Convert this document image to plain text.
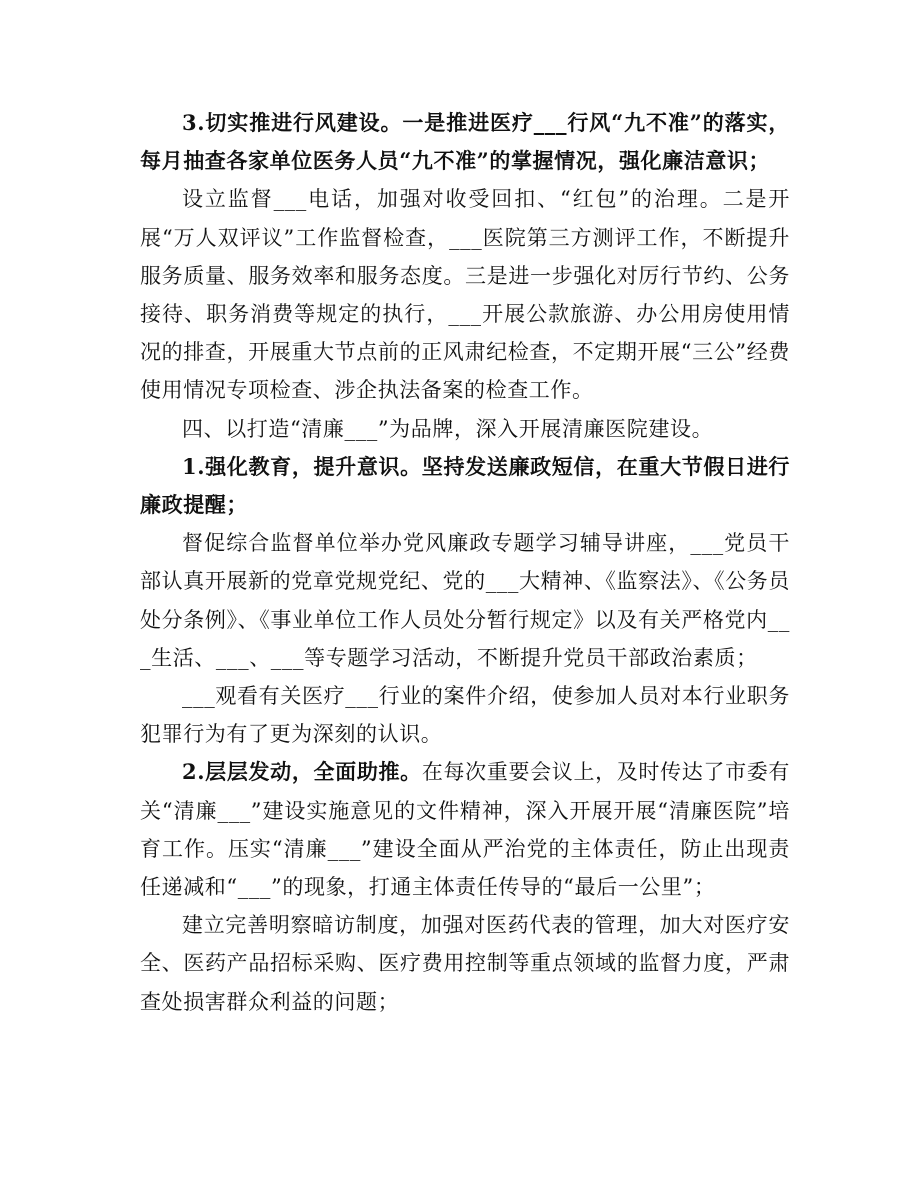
3.切实推进行风建设。一是推进医疗___行风“九不准”的落实，每月抽查各家单位医务人员“九不准”的掌握情况，强化廉洁意识；

设立监督___电话，加强对收受回扣、“红包”的治理。二是开展“万人双评议”工作监督检查，___医院第三方测评工作，不断提升服务质量、服务效率和服务态度。三是进一步强化对厉行节约、公务接待、职务消费等规定的执行，___开展公款旅游、办公用房使用情况的排查，开展重大节点前的正风肃纪检查，不定期开展“三公”经费使用情况专项检查、涉企执法备案的检查工作。

四、以打造“清廉___”为品牌，深入开展清廉医院建设。

1.强化教育，提升意识。坚持发送廉政短信，在重大节假日进行廉政提醒；

督促综合监督单位举办党风廉政专题学习辅导讲座，___党员干部认真开展新的党章党规党纪、党的___大精神、《监察法》、《公务员处分条例》、《事业单位工作人员处分暂行规定》以及有关严格党内___生活、___、___等专题学习活动，不断提升党员干部政治素质；

___观看有关医疗___行业的案件介绍，使参加人员对本行业职务犯罪行为有了更为深刻的认识。

2.层层发动，全面助推。在每次重要会议上，及时传达了市委有关“清廉___”建设实施意见的文件精神，深入开展开展“清廉医院”培育工作。压实“清廉___”建设全面从严治党的主体责任，防止出现责任递减和“___”的现象，打通主体责任传导的“最后一公里”；

建立完善明察暗访制度，加强对医药代表的管理，加大对医疗安全、医药产品招标采购、医疗费用控制等重点领域的监督力度，严肃查处损害群众利益的问题；
